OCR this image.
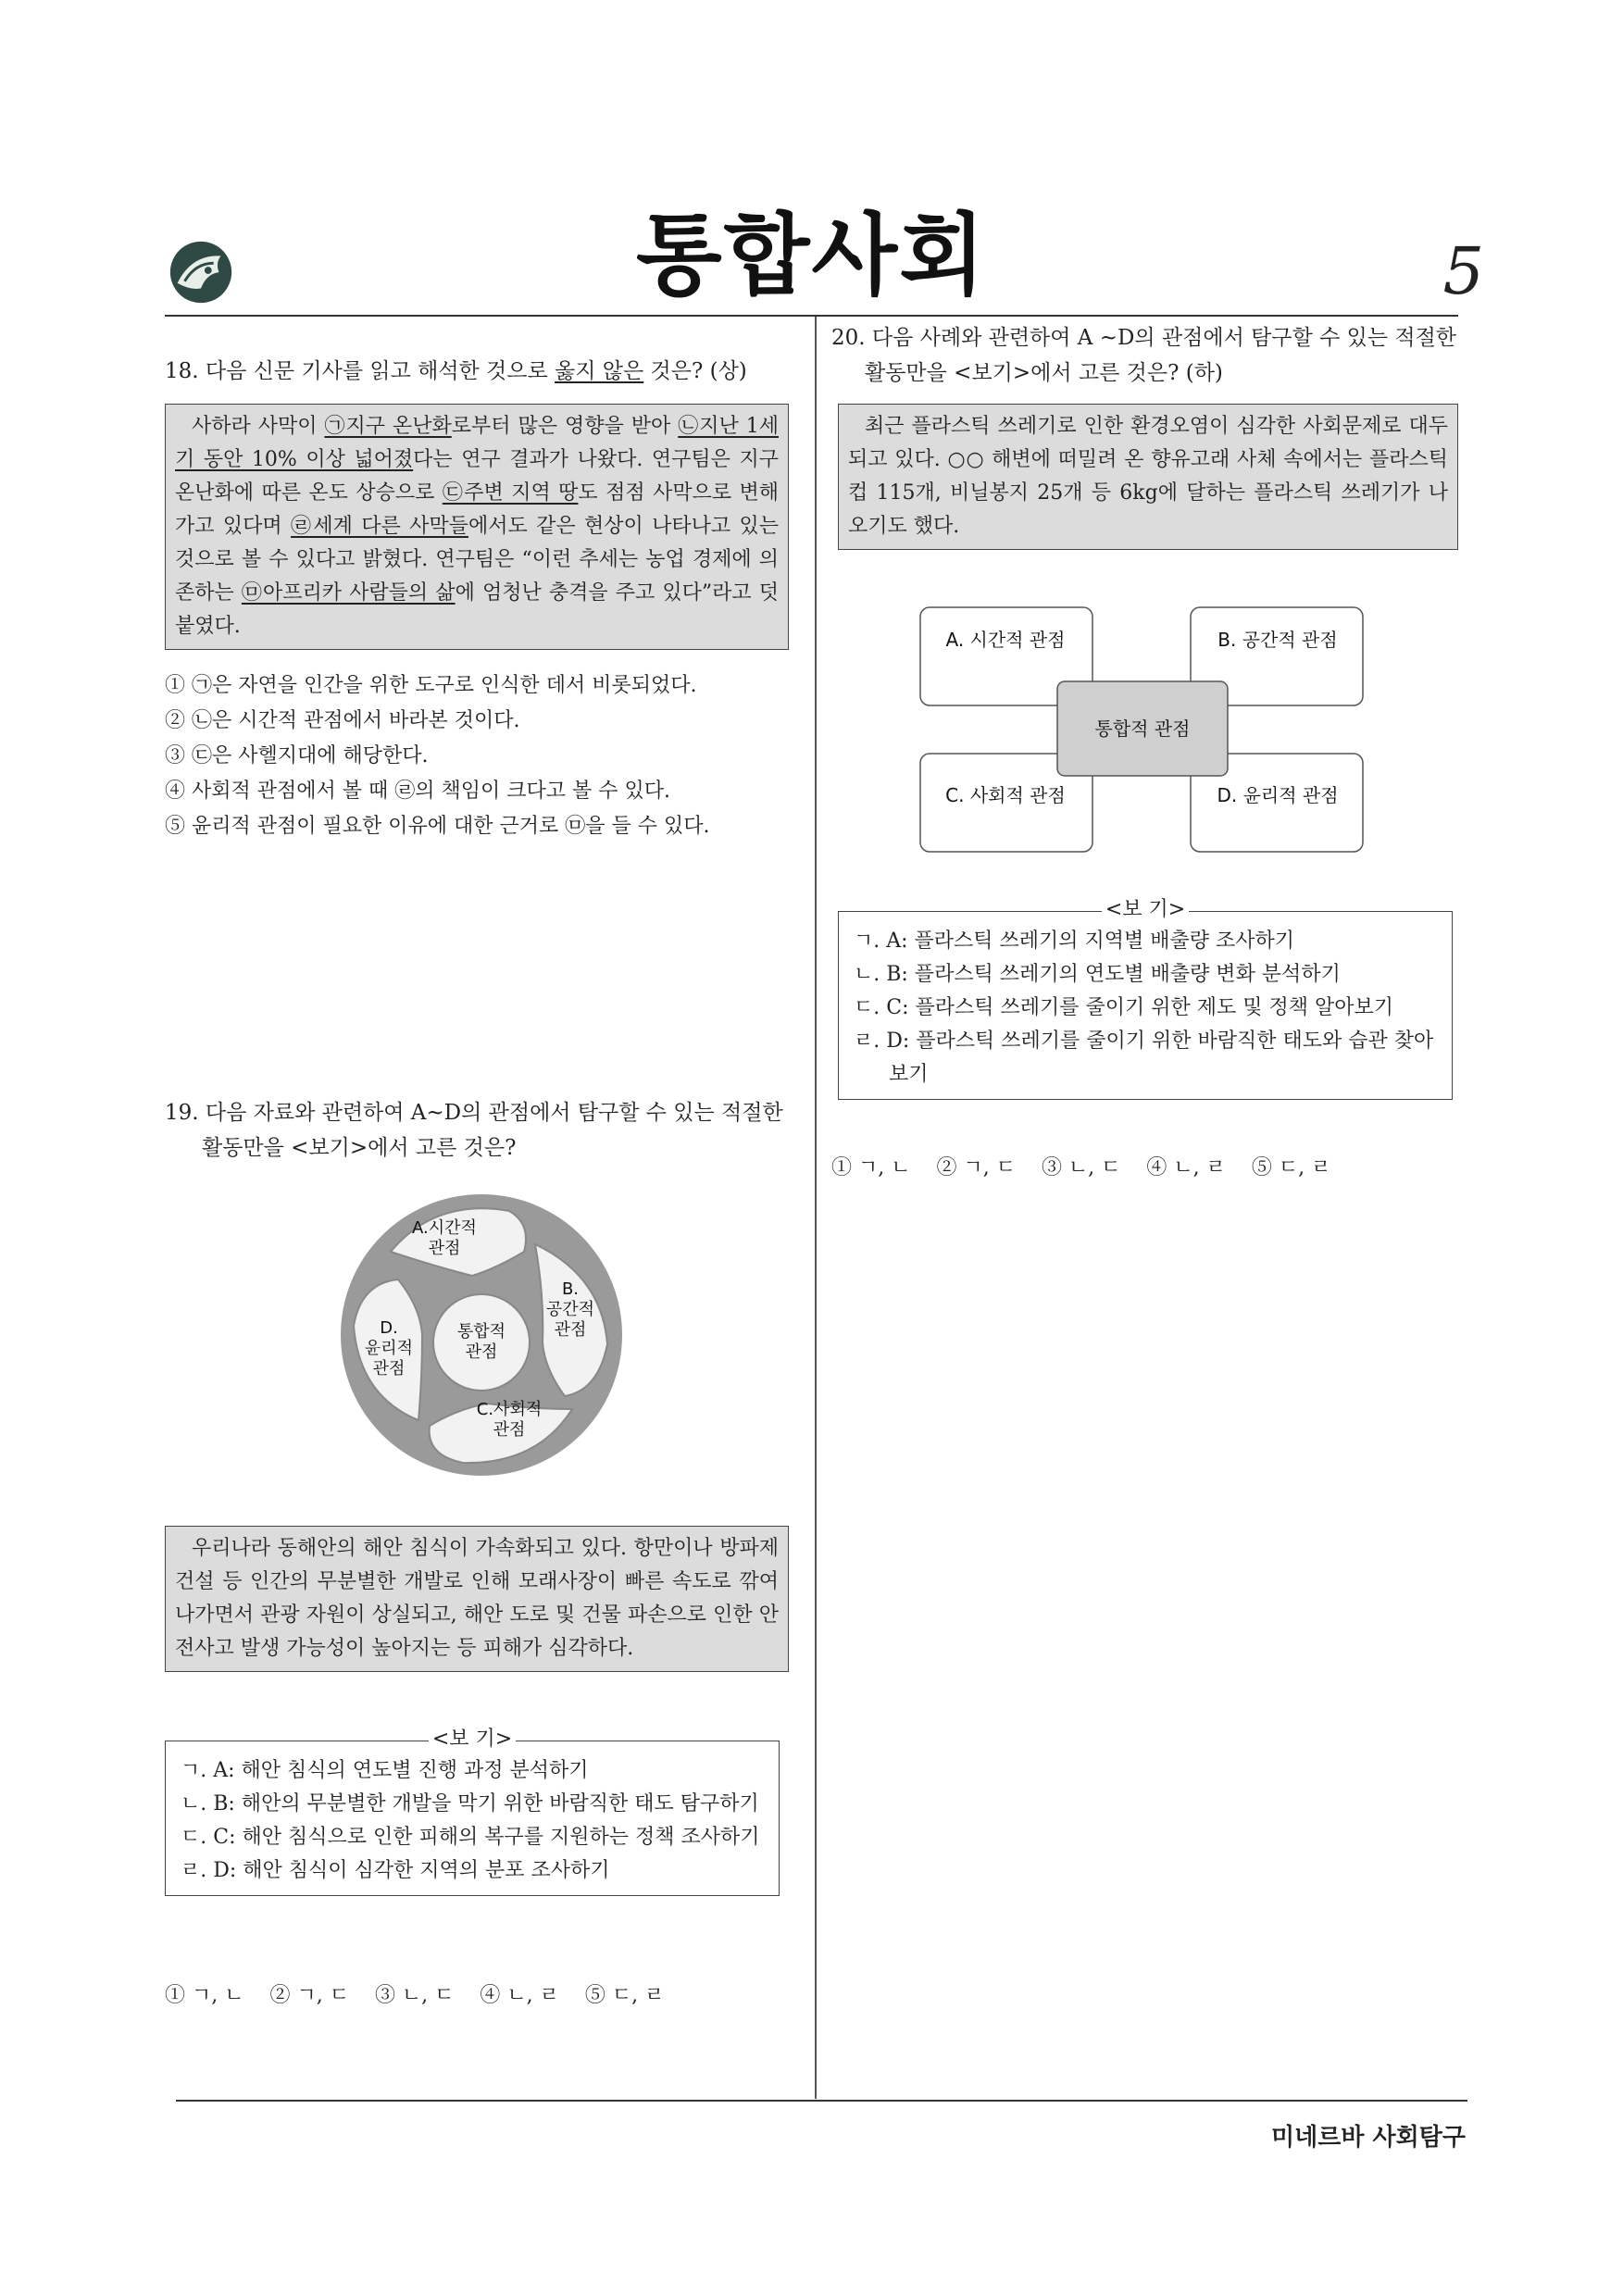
통합사회	5
18. 다음 신문 기사를 읽고 해석한 것으로 옳지 않은 것은? (상)
사하라 사막이 ㉠지구 온난화로부터 많은 영향을 받아 ㉡지난 1세기 동안 10% 이상 넓어졌다는 연구 결과가 나왔다. 연구팀은 지구 온난화에 따른 온도 상승으로 ㉢주변 지역 땅도 점점 사막으로 변해가고 있다며 ㉣세계 다른 사막들에서도 같은 현상이 나타나고 있는 것으로 볼 수 있다고 밝혔다. 연구팀은 “이런 추세는 농업 경제에 의존하는 ㉤아프리카 사람들의 삶에 엄청난 충격을 주고 있다”라고 덧붙였다.
① ㉠은 자연을 인간을 위한 도구로 인식한 데서 비롯되었다.
② ㉡은 시간적 관점에서 바라본 것이다.
③ ㉢은 사헬지대에 해당한다.
④ 사회적 관점에서 볼 때 ㉣의 책임이 크다고 볼 수 있다.
⑤ 윤리적 관점이 필요한 이유에 대한 근거로 ㉤을 들 수 있다.
19. 다음 자료와 관련하여 A~D의 관점에서 탐구할 수 있는 적절한 활동만을 <보기>에서 고른 것은?
A.시간적
관점
B.
공간적
관점
C.사회적
관점
D.
윤리적
관점
통합적
관점
우리나라 동해안의 해안 침식이 가속화되고 있다. 항만이나 방파제 건설 등 인간의 무분별한 개발로 인해 모래사장이 빠른 속도로 깎여 나가면서 관광 자원이 상실되고, 해안 도로 및 건물 파손으로 인한 안전사고 발생 가능성이 높아지는 등 피해가 심각하다.
<보 기>
ㄱ. A: 해안 침식의 연도별 진행 과정 분석하기
ㄴ. B: 해안의 무분별한 개발을 막기 위한 바람직한 태도 탐구하기
ㄷ. C: 해안 침식으로 인한 피해의 복구를 지원하는 정책 조사하기
ㄹ. D: 해안 침식이 심각한 지역의 분포 조사하기
① ㄱ, ㄴ ② ㄱ, ㄷ ③ ㄴ, ㄷ ④ ㄴ, ㄹ ⑤ ㄷ, ㄹ
20. 다음 사례와 관련하여 A ~D의 관점에서 탐구할 수 있는 적절한 활동만을 <보기>에서 고른 것은? (하)
최근 플라스틱 쓰레기로 인한 환경오염이 심각한 사회문제로 대두되고 있다. ○○ 해변에 떠밀려 온 향유고래 사체 속에서는 플라스틱 컵 115개, 비닐봉지 25개 등 6kg에 달하는 플라스틱 쓰레기가 나오기도 했다.
A. 시간적 관점	B. 공간적 관점
C. 사회적 관점	D. 윤리적 관점
통합적 관점
<보 기>
ㄱ. A: 플라스틱 쓰레기의 지역별 배출량 조사하기
ㄴ. B: 플라스틱 쓰레기의 연도별 배출량 변화 분석하기
ㄷ. C: 플라스틱 쓰레기를 줄이기 위한 제도 및 정책 알아보기
ㄹ. D: 플라스틱 쓰레기를 줄이기 위한 바람직한 태도와 습관 찾아보기
① ㄱ, ㄴ ② ㄱ, ㄷ ③ ㄴ, ㄷ ④ ㄴ, ㄹ ⑤ ㄷ, ㄹ
미네르바 사회탐구
